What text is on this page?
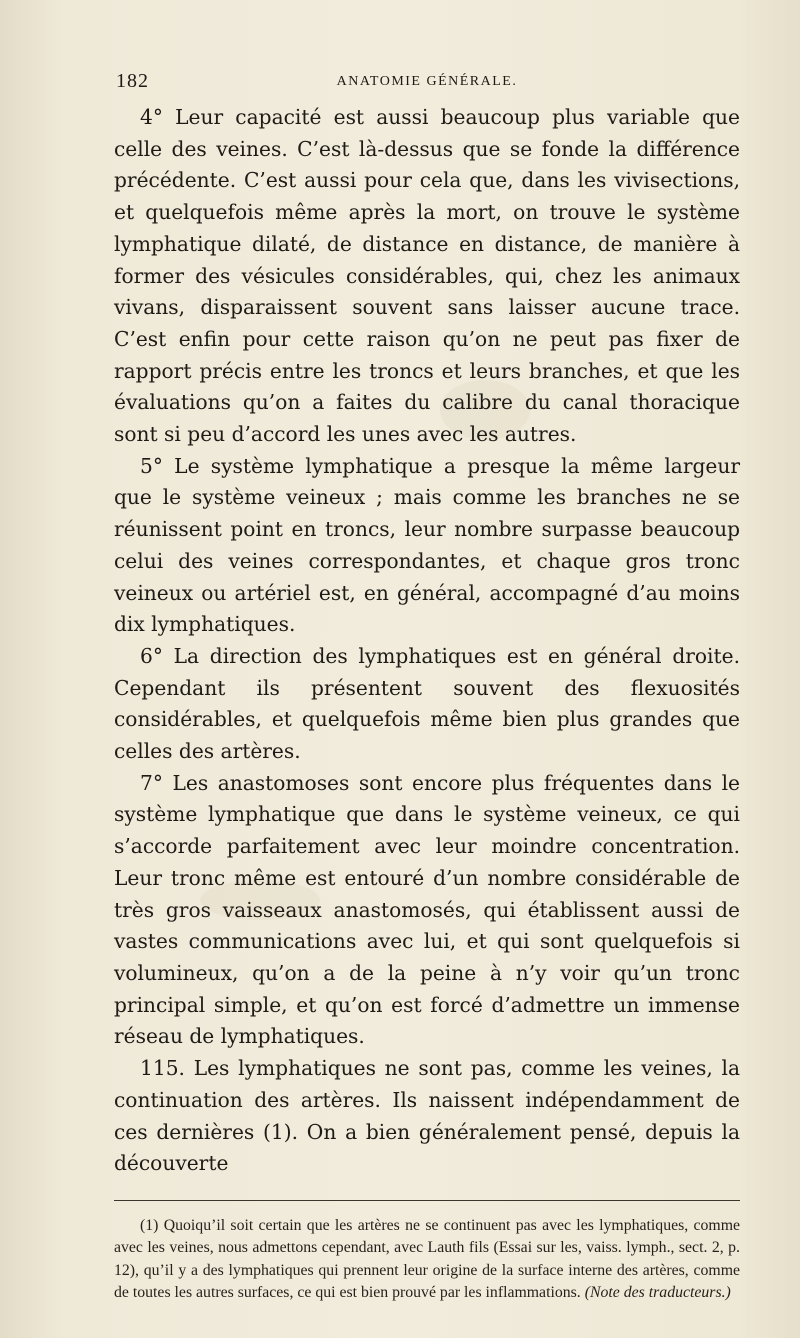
182	ANATOMIE GÉNÉRALE.

4° Leur capacité est aussi beaucoup plus variable que celle des veines. C’est là-dessus que se fonde la différence précédente. C’est aussi pour cela que, dans les vivisections, et quelquefois même après la mort, on trouve le système lymphatique dilaté, de distance en distance, de manière à former des vésicules considérables, qui, chez les animaux vivans, disparaissent souvent sans laisser aucune trace. C’est enfin pour cette raison qu’on ne peut pas fixer de rapport précis entre les troncs et leurs branches, et que les évaluations qu’on a faites du calibre du canal thoracique sont si peu d’accord les unes avec les autres.

5° Le système lymphatique a presque la même largeur que le système veineux ; mais comme les branches ne se réunissent point en troncs, leur nombre surpasse beaucoup celui des veines correspondantes, et chaque gros tronc veineux ou artériel est, en général, accompagné d’au moins dix lymphatiques.

6° La direction des lymphatiques est en général droite. Cependant ils présentent souvent des flexuosités considérables, et quelquefois même bien plus grandes que celles des artères.

7° Les anastomoses sont encore plus fréquentes dans le système lymphatique que dans le système veineux, ce qui s’accorde parfaitement avec leur moindre concentration. Leur tronc même est entouré d’un nombre considérable de très gros vaisseaux anastomosés, qui établissent aussi de vastes communications avec lui, et qui sont quelquefois si volumineux, qu’on a de la peine à n’y voir qu’un tronc principal simple, et qu’on est forcé d’admettre un immense réseau de lymphatiques.

115. Les lymphatiques ne sont pas, comme les veines, la continuation des artères. Ils naissent indépendamment de ces dernières (1). On a bien généralement pensé, depuis la découverte

(1) Quoiqu’il soit certain que les artères ne se continuent pas avec les lymphatiques, comme avec les veines, nous admettons cependant, avec Lauth fils (Essai sur les, vaiss. lymph., sect. 2, p. 12), qu’il y a des lymphatiques qui prennent leur origine de la surface interne des artères, comme de toutes les autres surfaces, ce qui est bien prouvé par les inflammations. (Note des traducteurs.)
